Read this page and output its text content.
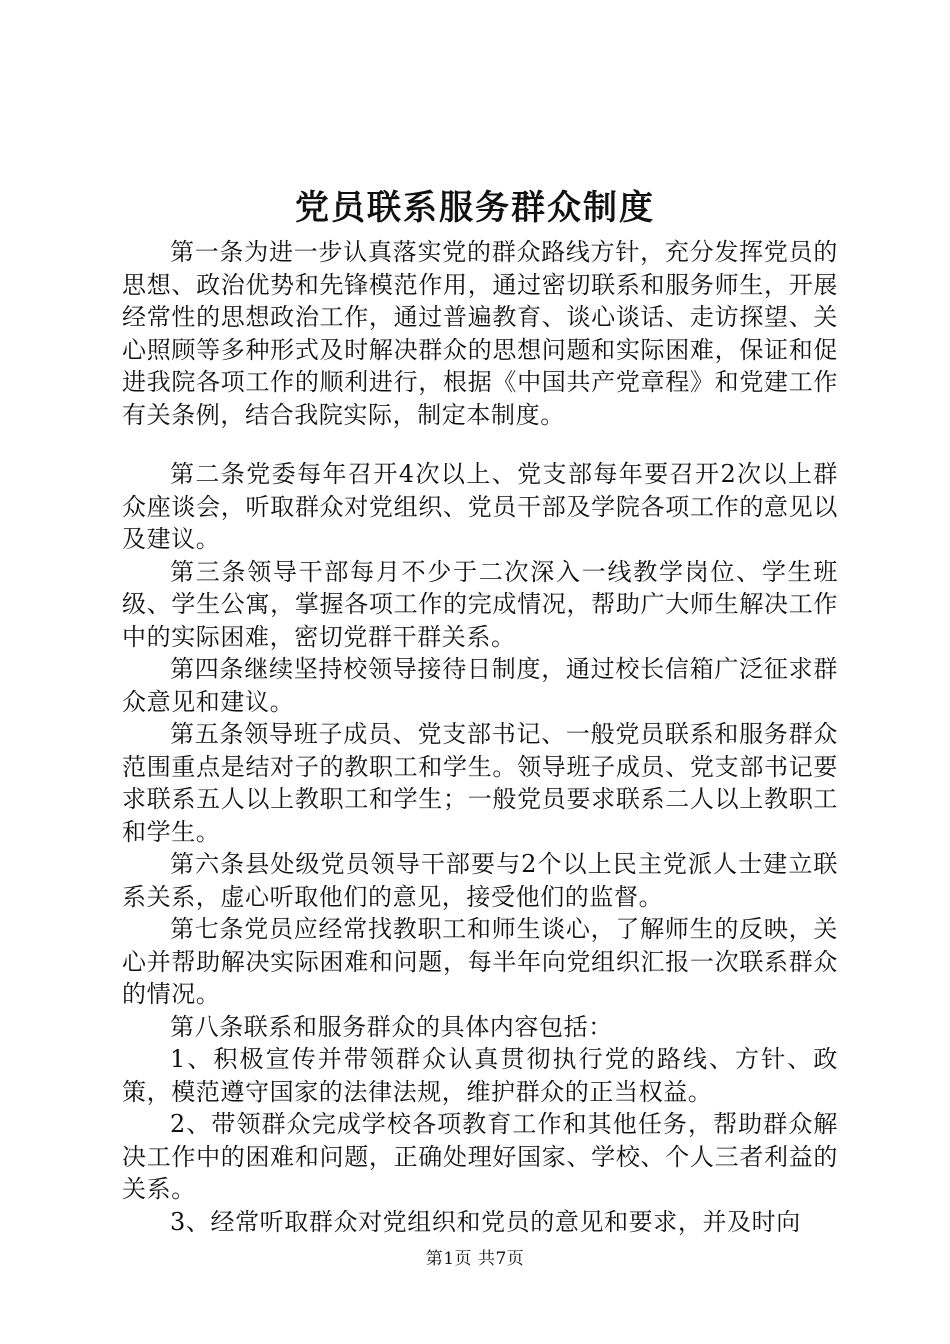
党员联系服务群众制度

第一条为进一步认真落实党的群众路线方针，充分发挥党员的思想、政治优势和先锋模范作用，通过密切联系和服务师生，开展经常性的思想政治工作，通过普遍教育、谈心谈话、走访探望、关心照顾等多种形式及时解决群众的思想问题和实际困难，保证和促进我院各项工作的顺利进行，根据《中国共产党章程》和党建工作有关条例，结合我院实际，制定本制度。

第二条党委每年召开4次以上、党支部每年要召开2次以上群众座谈会，听取群众对党组织、党员干部及学院各项工作的意见以及建议。

第三条领导干部每月不少于二次深入一线教学岗位、学生班级、学生公寓，掌握各项工作的完成情况，帮助广大师生解决工作中的实际困难，密切党群干群关系。

第四条继续坚持校领导接待日制度，通过校长信箱广泛征求群众意见和建议。

第五条领导班子成员、党支部书记、一般党员联系和服务群众范围重点是结对子的教职工和学生。领导班子成员、党支部书记要求联系五人以上教职工和学生；一般党员要求联系二人以上教职工和学生。

第六条县处级党员领导干部要与2个以上民主党派人士建立联系关系，虚心听取他们的意见，接受他们的监督。

第七条党员应经常找教职工和师生谈心，了解师生的反映，关心并帮助解决实际困难和问题，每半年向党组织汇报一次联系群众的情况。

第八条联系和服务群众的具体内容包括：

1、积极宣传并带领群众认真贯彻执行党的路线、方针、政策，模范遵守国家的法律法规，维护群众的正当权益。

2、带领群众完成学校各项教育工作和其他任务，帮助群众解决工作中的困难和问题，正确处理好国家、学校、个人三者利益的关系。

3、经常听取群众对党组织和党员的意见和要求，并及时向

第1页 共7页
